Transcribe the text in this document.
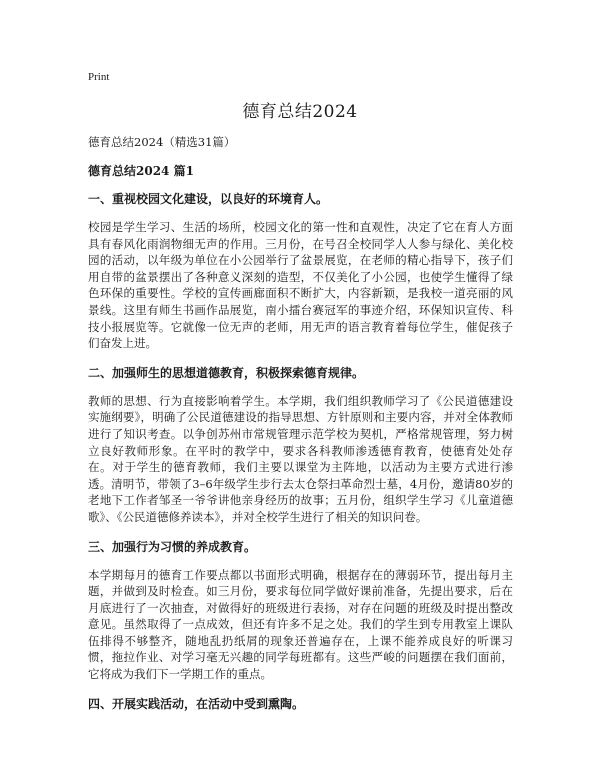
Print
德育总结2024

德育总结2024（精选31篇）

德育总结2024 篇1

一、重视校园文化建设，以良好的环境育人。

校园是学生学习、生活的场所，校园文化的第一性和直观性，决定了它在育人方面具有春风化雨润物细无声的作用。三月份，在号召全校同学人人参与绿化、美化校园的活动，以年级为单位在小公园举行了盆景展览，在老师的精心指导下，孩子们用自带的盆景摆出了各种意义深刻的造型，不仅美化了小公园，也使学生懂得了绿色环保的重要性。学校的宣传画廊面积不断扩大，内容新颖，是我校一道亮丽的风景线。这里有师生书画作品展览，南小擂台赛冠军的事迹介绍，环保知识宣传、科技小报展览等。它就像一位无声的老师，用无声的语言教育着每位学生，催促孩子们奋发上进。

二、加强师生的思想道德教育，积极探索德育规律。

教师的思想、行为直接影响着学生。本学期，我们组织教师学习了《公民道德建设实施纲要》，明确了公民道德建设的指导思想、方针原则和主要内容，并对全体教师进行了知识考查。以争创苏州市常规管理示范学校为契机，严格常规管理，努力树立良好教师形象。在平时的教学中，要求各科教师渗透德育教育，使德育处处存在。对于学生的德育教师，我们主要以课堂为主阵地，以活动为主要方式进行渗透。清明节，带领了3–6年级学生步行去太仓祭扫革命烈士墓，4月份，邀请80岁的老地下工作者邹圣一爷爷讲他亲身经历的故事；五月份，组织学生学习《儿童道德歌》、《公民道德修养读本》，并对全校学生进行了相关的知识问卷。

三、加强行为习惯的养成教育。

本学期每月的德育工作要点都以书面形式明确，根据存在的薄弱环节，提出每月主题，并做到及时检查。如三月份，要求每位同学做好课前准备，先提出要求，后在月底进行了一次抽查，对做得好的班级进行表扬，对存在问题的班级及时提出整改意见。虽然取得了一点成效，但还有许多不足之处。我们的学生到专用教室上课队伍排得不够整齐，随地乱扔纸屑的现象还普遍存在，上课不能养成良好的听课习惯，拖拉作业、对学习毫无兴趣的同学每班都有。这些严峻的问题摆在我们面前，它将成为我们下一学期工作的重点。

四、开展实践活动，在活动中受到熏陶。
